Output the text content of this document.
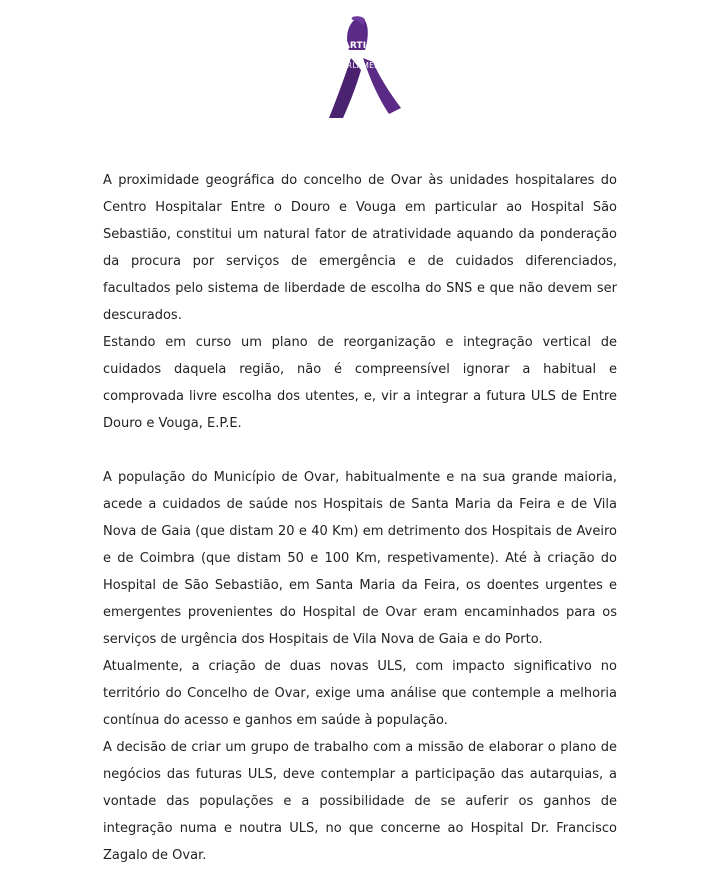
PARTIDO
SOCIALISTA
PARLAMENTO

A proximidade geográfica do concelho de Ovar às unidades hospitalares do Centro Hospitalar Entre o Douro e Vouga em particular ao Hospital São Sebastião, constitui um natural fator de atratividade aquando da ponderação da procura por serviços de emergência e de cuidados diferenciados, facultados pelo sistema de liberdade de escolha do SNS e que não devem ser descurados.

Estando em curso um plano de reorganização e integração vertical de cuidados daquela região, não é compreensível ignorar a habitual e comprovada livre escolha dos utentes, e, vir a integrar a futura ULS de Entre Douro e Vouga, E.P.E.

A população do Município de Ovar, habitualmente e na sua grande maioria, acede a cuidados de saúde nos Hospitais de Santa Maria da Feira e de Vila Nova de Gaia (que distam 20 e 40 Km) em detrimento dos Hospitais de Aveiro e de Coimbra (que distam 50 e 100 Km, respetivamente). Até à criação do Hospital de São Sebastião, em Santa Maria da Feira, os doentes urgentes e emergentes provenientes do Hospital de Ovar eram encaminhados para os serviços de urgência dos Hospitais de Vila Nova de Gaia e do Porto.

Atualmente, a criação de duas novas ULS, com impacto significativo no território do Concelho de Ovar, exige uma análise que contemple a melhoria contínua do acesso e ganhos em saúde à população.

A decisão de criar um grupo de trabalho com a missão de elaborar o plano de negócios das futuras ULS, deve contemplar a participação das autarquias, a vontade das populações e a possibilidade de se auferir os ganhos de integração numa e noutra ULS, no que concerne ao Hospital Dr. Francisco Zagalo de Ovar.
